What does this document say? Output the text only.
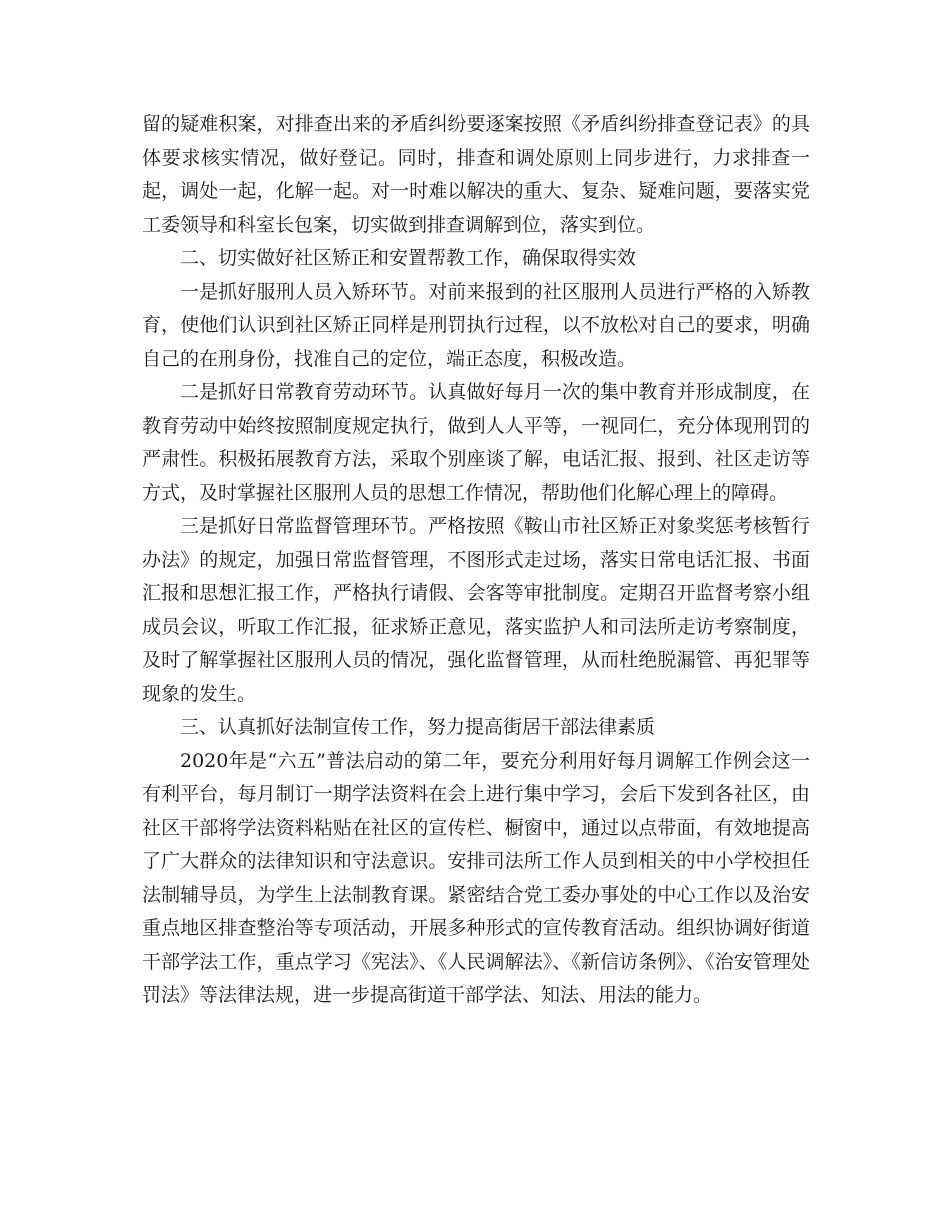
留的疑难积案，对排查出来的矛盾纠纷要逐案按照《矛盾纠纷排查登记表》的具体要求核实情况，做好登记。同时，排查和调处原则上同步进行，力求排查一起，调处一起，化解一起。对一时难以解决的重大、复杂、疑难问题，要落实党工委领导和科室长包案，切实做到排查调解到位，落实到位。

二、切实做好社区矫正和安置帮教工作，确保取得实效

一是抓好服刑人员入矫环节。对前来报到的社区服刑人员进行严格的入矫教育，使他们认识到社区矫正同样是刑罚执行过程，以不放松对自己的要求，明确自己的在刑身份，找准自己的定位，端正态度，积极改造。

二是抓好日常教育劳动环节。认真做好每月一次的集中教育并形成制度，在教育劳动中始终按照制度规定执行，做到人人平等，一视同仁，充分体现刑罚的严肃性。积极拓展教育方法，采取个别座谈了解，电话汇报、报到、社区走访等方式，及时掌握社区服刑人员的思想工作情况，帮助他们化解心理上的障碍。

三是抓好日常监督管理环节。严格按照《鞍山市社区矫正对象奖惩考核暂行办法》的规定，加强日常监督管理，不图形式走过场，落实日常电话汇报、书面汇报和思想汇报工作，严格执行请假、会客等审批制度。定期召开监督考察小组成员会议，听取工作汇报，征求矫正意见，落实监护人和司法所走访考察制度，及时了解掌握社区服刑人员的情况，强化监督管理，从而杜绝脱漏管、再犯罪等现象的发生。

三、认真抓好法制宣传工作，努力提高街居干部法律素质

2020年是“六五”普法启动的第二年，要充分利用好每月调解工作例会这一有利平台，每月制订一期学法资料在会上进行集中学习，会后下发到各社区，由社区干部将学法资料粘贴在社区的宣传栏、橱窗中，通过以点带面，有效地提高了广大群众的法律知识和守法意识。安排司法所工作人员到相关的中小学校担任法制辅导员，为学生上法制教育课。紧密结合党工委办事处的中心工作以及治安重点地区排查整治等专项活动，开展多种形式的宣传教育活动。组织协调好街道干部学法工作，重点学习《宪法》、《人民调解法》、《新信访条例》、《治安管理处罚法》等法律法规，进一步提高街道干部学法、知法、用法的能力。
